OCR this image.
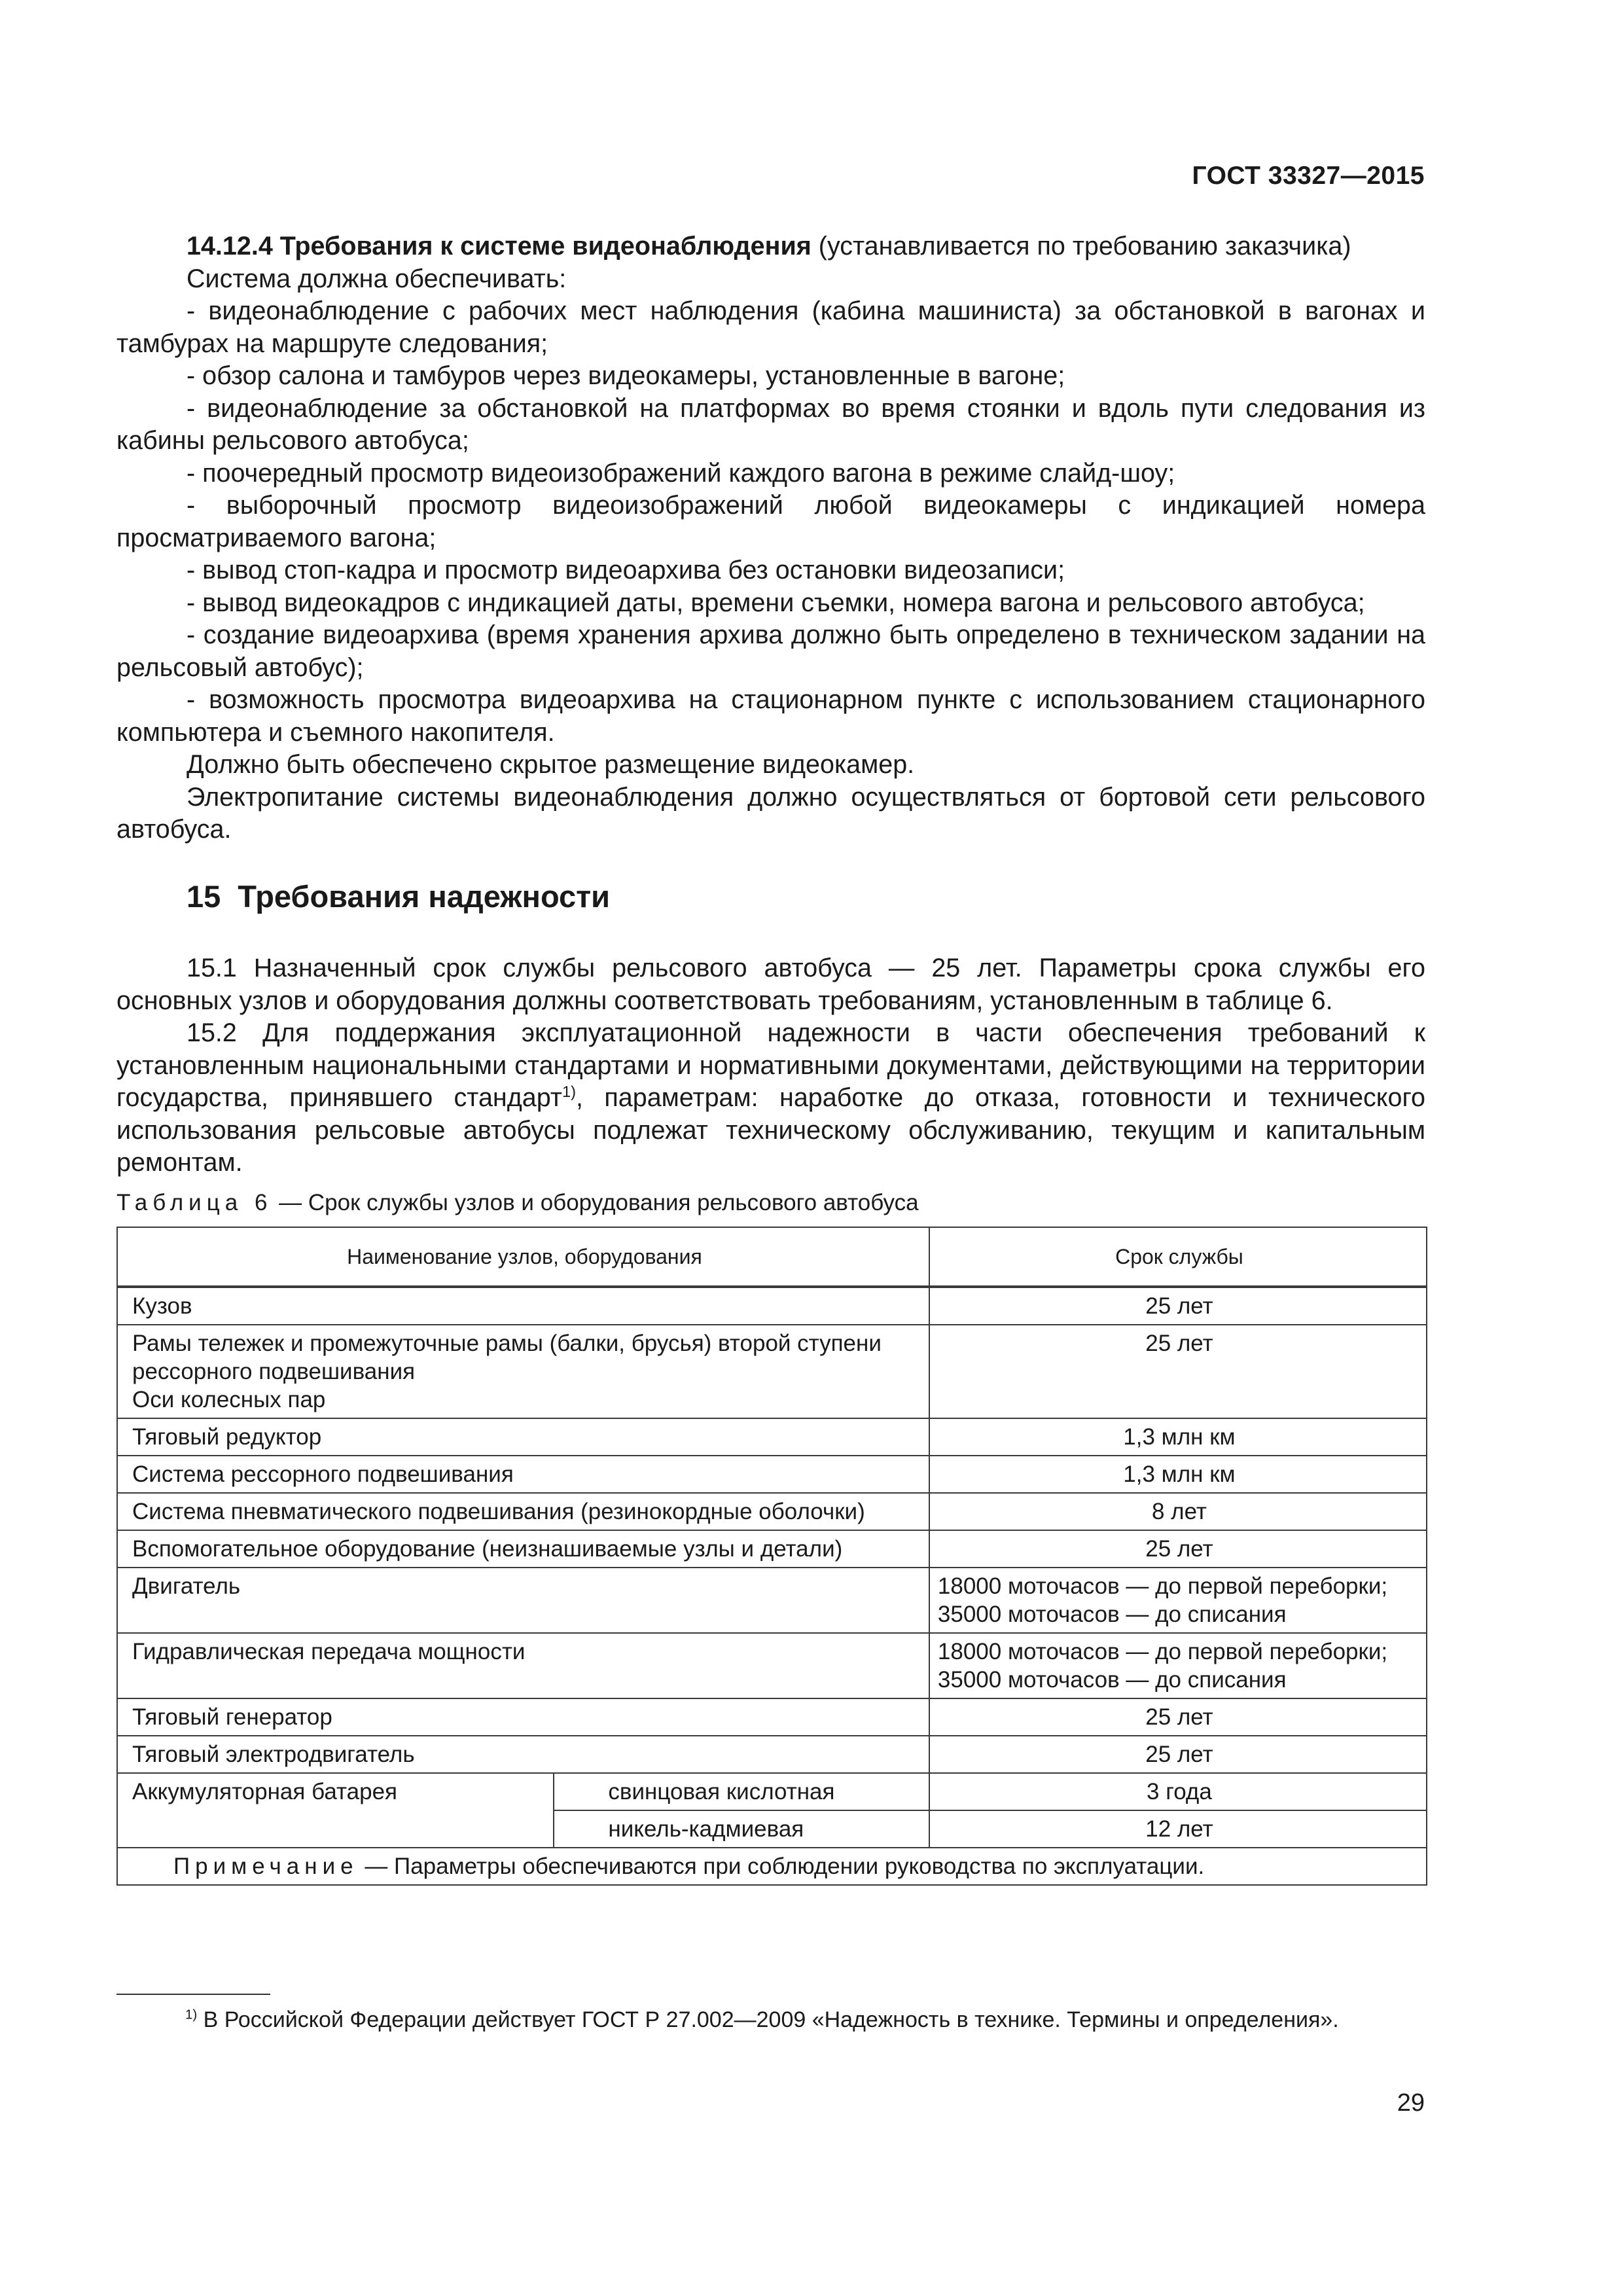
ГОСТ 33327—2015

14.12.4 Требования к системе видеонаблюдения (устанавливается по требованию заказчика)

Система должна обеспечивать:

- видеонаблюдение с рабочих мест наблюдения (кабина машиниста) за обстановкой в вагонах и тамбурах на маршруте следования;

- обзор салона и тамбуров через видеокамеры, установленные в вагоне;

- видеонаблюдение за обстановкой на платформах во время стоянки и вдоль пути следования из кабины рельсового автобуса;

- поочередный просмотр видеоизображений каждого вагона в режиме слайд-шоу;

- выборочный просмотр видеоизображений любой видеокамеры с индикацией номера просматриваемого вагона;

- вывод стоп-кадра и просмотр видеоархива без остановки видеозаписи;

- вывод видеокадров с индикацией даты, времени съемки, номера вагона и рельсового автобуса;

- создание видеоархива (время хранения архива должно быть определено в техническом задании на рельсовый автобус);

- возможность просмотра видеоархива на стационарном пункте с использованием стационарного компьютера и съемного накопителя.

Должно быть обеспечено скрытое размещение видеокамер.

Электропитание системы видеонаблюдения должно осуществляться от бортовой сети рельсового автобуса.

15 Требования надежности

15.1 Назначенный срок службы рельсового автобуса — 25 лет. Параметры срока службы его основных узлов и оборудования должны соответствовать требованиям, установленным в таблице 6.

15.2 Для поддержания эксплуатационной надежности в части обеспечения требований к установленным национальными стандартами и нормативными документами, действующими на территории государства, принявшего стандарт$^{1)}$, параметрам: наработке до отказа, готовности и технического использования рельсовые автобусы подлежат техническому обслуживанию, текущим и капитальным ремонтам.

Таблица 6 — Срок службы узлов и оборудования рельсового автобуса
Наименование узлов, оборудования		Срок службы
Кузов		25 лет

Рамы тележек и промежуточные рамы (балки, брусья) второй ступени рессорного подвешивания
Оси колесных пар		25 лет
Тяговый редуктор		1,3 млн км
Система рессорного подвешивания		1,3 млн км
Система пневматического подвешивания (резинокордные оболочки)		8 лет
Вспомогательное оборудование (неизнашиваемые узлы и детали)		25 лет
Двигатель		18000 моточасов — до первой переборки;
35000 моточасов — до списания

Гидравлическая передача мощности		18000 моточасов — до первой переборки;
35000 моточасов — до списания

Тяговый генератор		25 лет
Тяговый электродвигатель		25 лет
Аккумуляторная батарея	свинцовая кислотная	3 года
	никель-кадмиевая	12 лет
Примечание — Параметры обеспечиваются при соблюдении руководства по эксплуатации.		
$^{1)}$ В Российской Федерации действует ГОСТ Р 27.002—2009 «Надежность в технике. Термины и определения».
29
